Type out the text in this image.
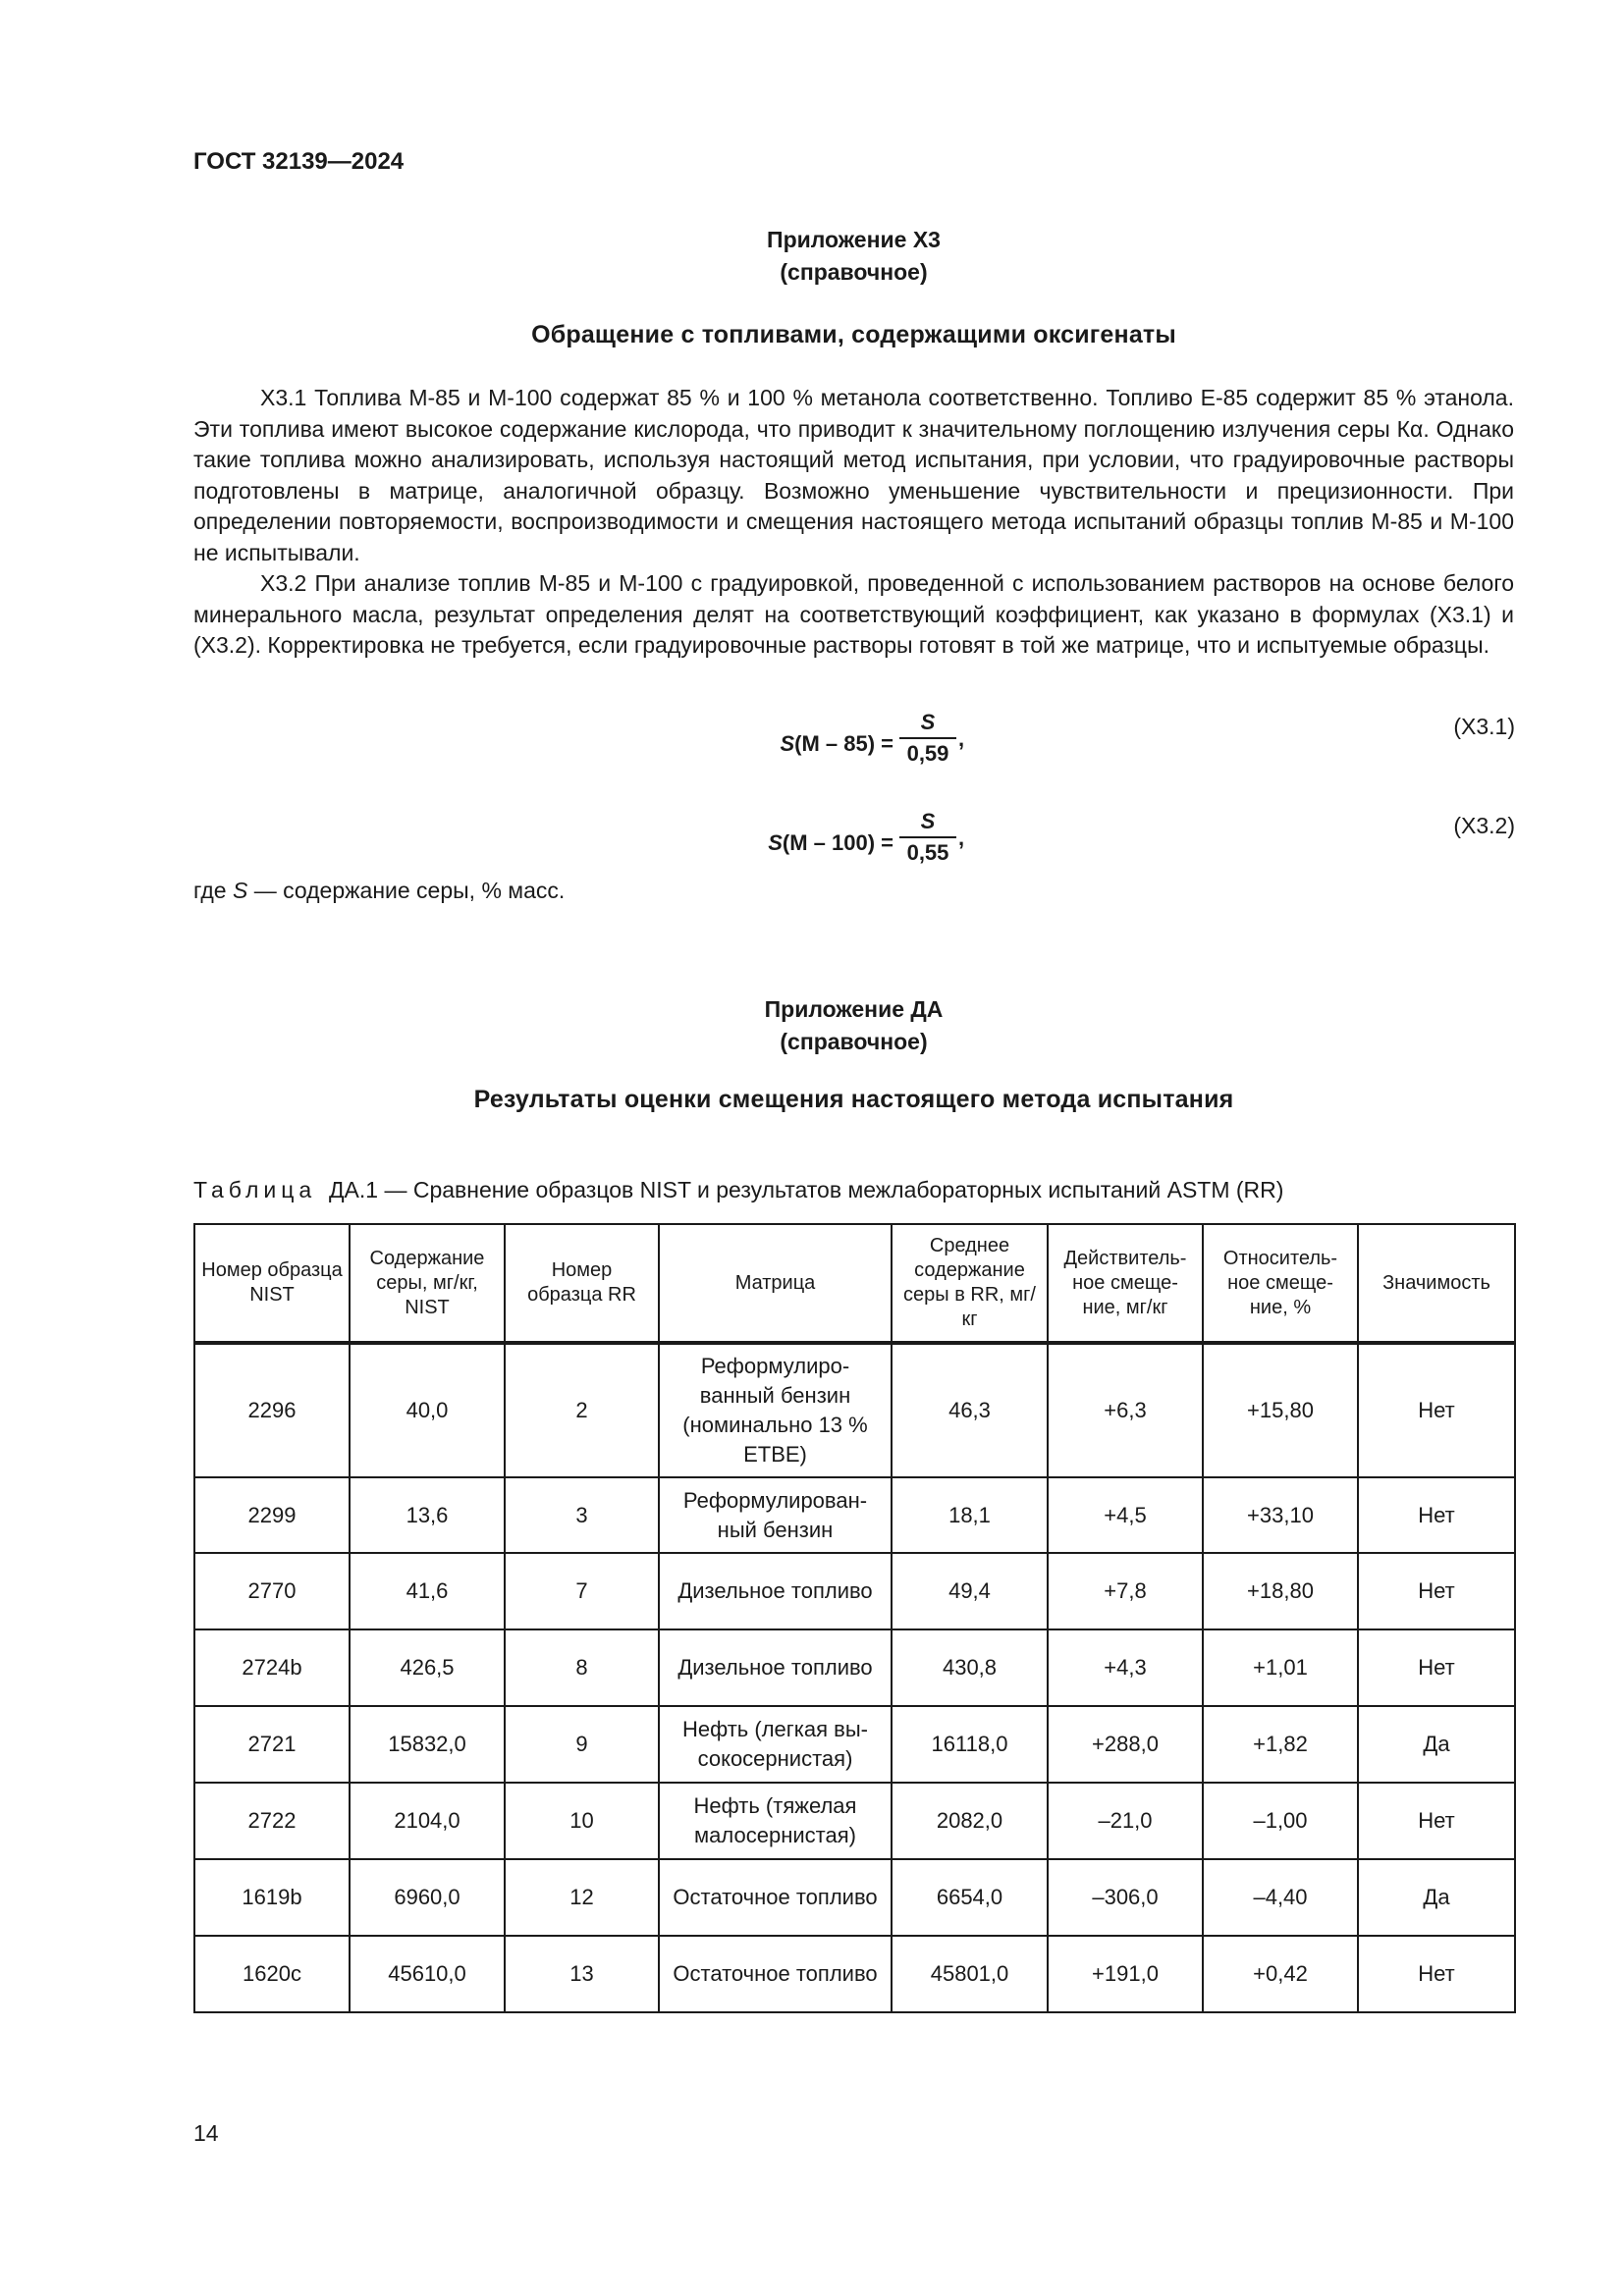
ГОСТ 32139—2024
Приложение Х3
(справочное)
Обращение с топливами, содержащими оксигенаты

Х3.1 Топлива М-85 и М-100 содержат 85 % и 100 % метанола соответственно. Топливо Е-85 содержит 85 % этанола. Эти топлива имеют высокое содержание кислорода, что приводит к значительному поглощению излучения серы Кα. Однако такие топлива можно анализировать, используя настоящий метод испытания, при условии, что градуировочные растворы подготовлены в матрице, аналогичной образцу. Возможно уменьшение чувствительности и прецизионности. При определении повторяемости, воспроизводимости и смещения настоящего метода испытаний образцы топлив М-85 и М-100 не испытывали.

Х3.2 При анализе топлив М-85 и М-100 с градуировкой, проведенной с использованием растворов на основе белого минерального масла, результат определения делят на соответствующий коэффициент, как указано в формулах (Х3.1) и (Х3.2). Корректировка не требуется, если градуировочные растворы готовят в той же матрице, что и испытуемые образцы.

S(М – 85) =
S
0,59
,	(Х3.1)
S(М – 100) =
S
0,55
,	(Х3.2)
где S — содержание серы, % масс.
Приложение ДА
(справочное)
Результаты оценки смещения настоящего метода испытания
Таблица ДА.1 — Сравнение образцов NIST и результатов межлабораторных испытаний ASTM (RR)
Номер образца NIST	Содержание серы, мг/кг, NIST	Номер образца RR	Матрица	Среднее содержание серы в RR, мг/кг	Действитель-ное смеще-ние, мг/кг	Относитель-ное смеще-ние, %	Значимость

2296	40,0	2	Реформулиро-ванный бензин (номинально 13 % ЕТВЕ)	46,3	+6,3	+15,80	Нет
2299	13,6	3	Реформулирован-ный бензин	18,1	+4,5	+33,10	Нет
2770	41,6	7	Дизельное топливо	49,4	+7,8	+18,80	Нет
2724b	426,5	8	Дизельное топливо	430,8	+4,3	+1,01	Нет
2721	15832,0	9	Нефть (легкая вы-сокосернистая)	16118,0	+288,0	+1,82	Да
2722	2104,0	10	Нефть (тяжелая малосернистая)	2082,0	–21,0	–1,00	Нет
1619b	6960,0	12	Остаточное топливо	6654,0	–306,0	–4,40	Да
1620c	45610,0	13	Остаточное топливо	45801,0	+191,0	+0,42	Нет
14
